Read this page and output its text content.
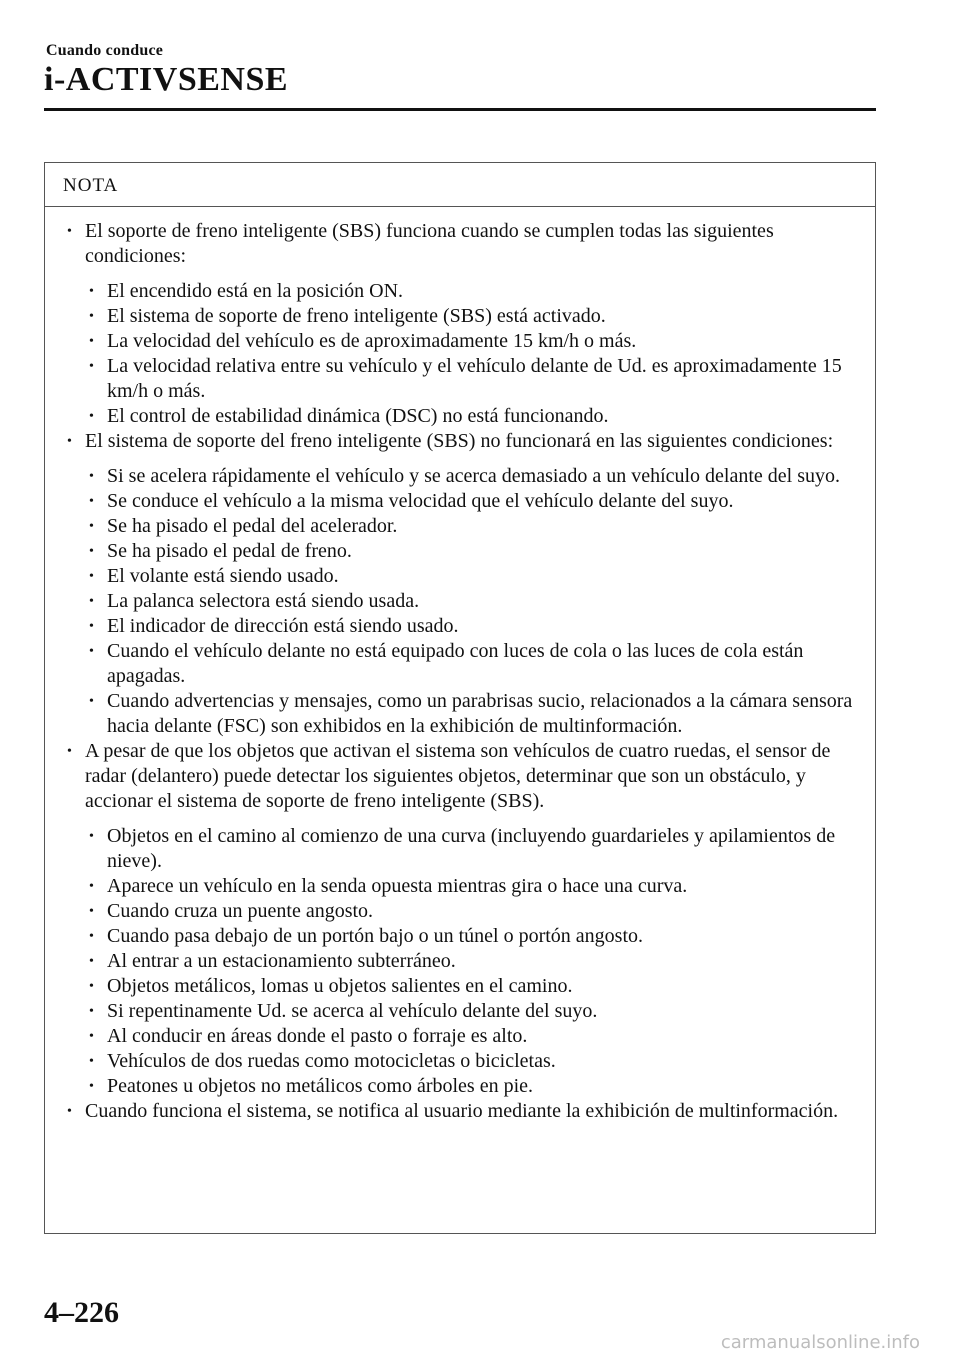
Cuando conduce
i-ACTIVSENSE
NOTA
• El soporte de freno inteligente (SBS) funciona cuando se cumplen todas las siguientes condiciones:
• El encendido está en la posición ON.
• El sistema de soporte de freno inteligente (SBS) está activado.
• La velocidad del vehículo es de aproximadamente 15 km/h o más.
• La velocidad relativa entre su vehículo y el vehículo delante de Ud. es aproximadamente 15 km/h o más.
• El control de estabilidad dinámica (DSC) no está funcionando.
• El sistema de soporte del freno inteligente (SBS) no funcionará en las siguientes condiciones:
• Si se acelera rápidamente el vehículo y se acerca demasiado a un vehículo delante del suyo.
• Se conduce el vehículo a la misma velocidad que el vehículo delante del suyo.
• Se ha pisado el pedal del acelerador.
• Se ha pisado el pedal de freno.
• El volante está siendo usado.
• La palanca selectora está siendo usada.
• El indicador de dirección está siendo usado.
• Cuando el vehículo delante no está equipado con luces de cola o las luces de cola están apagadas.
• Cuando advertencias y mensajes, como un parabrisas sucio, relacionados a la cámara sensora hacia delante (FSC) son exhibidos en la exhibición de multinformación.
• A pesar de que los objetos que activan el sistema son vehículos de cuatro ruedas, el sensor de radar (delantero) puede detectar los siguientes objetos, determinar que son un obstáculo, y accionar el sistema de soporte de freno inteligente (SBS).
• Objetos en el camino al comienzo de una curva (incluyendo guardarieles y apilamientos de nieve).
• Aparece un vehículo en la senda opuesta mientras gira o hace una curva.
• Cuando cruza un puente angosto.
• Cuando pasa debajo de un portón bajo o un túnel o portón angosto.
• Al entrar a un estacionamiento subterráneo.
• Objetos metálicos, lomas u objetos salientes en el camino.
• Si repentinamente Ud. se acerca al vehículo delante del suyo.
• Al conducir en áreas donde el pasto o forraje es alto.
• Vehículos de dos ruedas como motocicletas o bicicletas.
• Peatones u objetos no metálicos como árboles en pie.
• Cuando funciona el sistema, se notifica al usuario mediante la exhibición de multinformación.
4–226
carmanualsonline.info
